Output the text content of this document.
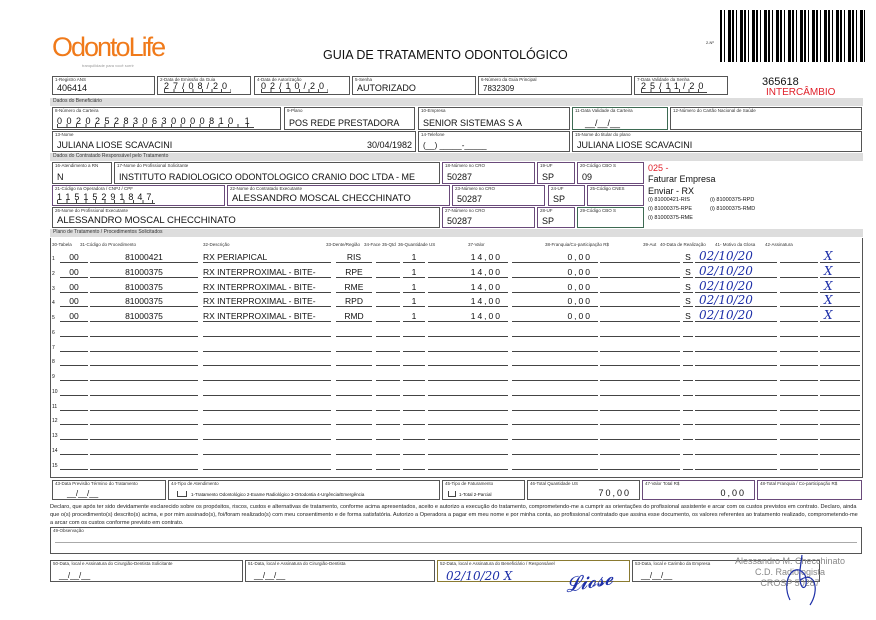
OdontoLife
tranquilidade para você sorrir
GUIA DE TRATAMENTO ODONTOLÓGICO
2-Nº
365618
INTERCÂMBIO
1-Registro ANS
406414
2-Data de Emissão da Guia
27/08/20
4-Data de Autorização
02/10/20
5-Senha
AUTORIZADO
6-Número da Guia Principal
7832309
7-Data Validade da Senha
25/11/20
Dados do Beneficiário
8-Número da Carteira
0020252830630000810 1
9-Plano
POS REDE PRESTADORA
10-Empresa
SENIOR SISTEMAS S A
11-Data Validade da Carteira
__/__/__
12-Número do Cartão Nacional de Saúde
13-Nome
JULIANA LIOSE SCAVACINI	30/04/1982
14-Telefone
(__) _____-_____
15-Nome do titular do plano
JULIANA LIOSE SCAVACINI
Dados do Contratado Responsável pelo Tratamento
16-Atendimento a RN
N
17-Nome do Profissional Solicitante
INSTITUTO RADIOLOGICO ODONTOLOGICO CRANIO DOC LTDA - ME
18-Número no CRO
50287
19-UF
SP
20-Código CBO S
09
21-Código na Operadora / CNPJ / CPF
11515291847
22-Nome do Contratado Executante
ALESSANDRO MOSCAL CHECCHINATO
23-Número no CRO
50287
24-UF
SP
25-Código CNES
26-Nome do Profissional Executante
ALESSANDRO MOSCAL CHECCHINATO
27-Número no CRO
50287
28-UF
SP
29-Código CBO S
025 -
Faturar Empresa
Enviar - RX
(i) 81000421-RIS	(i) 81000375-RPD
(i) 81000375-RPE	(i) 81000375-RMD
(i) 81000375-RME
Plano de Tratamento / Procedimentos Solicitados
30-Tabela 31-Código do Procedimento	32-Descrição	33-Dente/Região 34-Face 35-Qtd 36-Quantidade US	37-Valor	38-Franquia/Co-participação R$	39-Aut 40-Data de Realização 41- Motivo da Glosa 42-Assinatura
1	00	81000421	RX PERIAPICAL	RIS	1	14,00	0,00	S 02/10/20	X
2	00	81000375	RX INTERPROXIMAL - BITE-	RPE	1	14,00	0,00	S 02/10/20	X
3	00	81000375	RX INTERPROXIMAL - BITE-	RME	1	14,00	0,00	S 02/10/20	X
4	00	81000375	RX INTERPROXIMAL - BITE-	RPD	1	14,00	0,00	S 02/10/20	X
5	00	81000375	RX INTERPROXIMAL - BITE-	RMD	1	14,00	0,00	S 02/10/20	X
6
7
8
9
10
11
12
13
14
15
43-Data Previsão Término do Tratamento
__/__/__
44-Tipo de Atendimento
1-Tratamento Odontológico 2-Exame Radiológico 3-Ortodontia 4-Urgência/Emergência
45-Tipo de Faturamento
1-Total 2-Parcial
46-Total Quantidade US
70,00
47-Valor Total R$
0,00
48-Total Franquia / Co-participação R$
Declaro, que após ter sido devidamente esclarecido sobre os propósitos, riscos, custos e alternativas de tratamento, conforme acima apresentados, aceito e autorizo a execução do tratamento, comprometendo-me a cumprir as orientações do profissional assistente e arcar com os custos previstos em contrato. Declaro, ainda que o(s) procedimento(s) descrito(s) acima, e por mim assinado(s), foi/foram realizado(s) com meu consentimento e de forma satisfatória. Autorizo a Operadora a pagar em meu nome e por minha conta, ao profissional contratado que assina esse documento, os valores referentes ao tratamento realizado, comprometendo-me a arcar com os custos conforme previsto em contrato.
49-Observação
50-Data, local e Assinatura do Cirurgião-Dentista Solicitante
__/__/__
51-Data, local e Assinatura do Cirurgião-Dentista
__/__/__
52-Data, local e Assinatura do Beneficiário / Responsável
02/10/20 X	𝓛𝓲𝓸𝓼𝓮
53-Data, local e Carimbo da Empresa
__/__/__
Alessandro M. Checchinato
C.D. Radiologista
CROSP 50287
